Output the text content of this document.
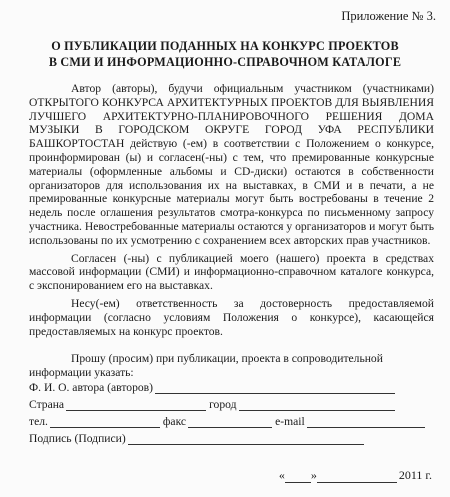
Приложение № 3.
О ПУБЛИКАЦИИ ПОДАННЫХ НА КОНКУРС ПРОЕКТОВ
В СМИ И ИНФОРМАЦИОННО-СПРАВОЧНОМ КАТАЛОГЕ

Автор (авторы), будучи официальным участником (участниками) ОТКРЫТОГО КОНКУРСА АРХИТЕКТУРНЫХ ПРОЕКТОВ ДЛЯ ВЫЯВЛЕНИЯ ЛУЧШЕГО АРХИТЕКТУРНО-ПЛАНИРОВОЧНОГО РЕШЕНИЯ ДОМА МУЗЫКИ В ГОРОДСКОМ ОКРУГЕ ГОРОД УФА РЕСПУБЛИКИ БАШКОРТОСТАН действую (-ем) в соответствии с Положением о конкурсе, проинформирован (ы) и согласен(-ны) с тем, что премированные конкурсные материалы (оформленные альбомы и CD-диски) остаются в собственности организаторов для использования их на выставках, в СМИ и в печати, а не премированные конкурсные материалы могут быть востребованы в течение 2 недель после оглашения результатов смотра-конкурса по письменному запросу участника. Невостребованные материалы остаются у организаторов и могут быть использованы по их усмотрению с сохранением всех авторских прав участников.

Согласен (-ны) с публикацией моего (нашего) проекта в средствах массовой информации (СМИ) и информационно-справочном каталоге конкурса, с экспонированием его на выставках.

Несу(-ем) ответственность за достоверность предоставляемой информации (согласно условиям Положения о конкурсе), касающейся предоставляемых на конкурс проектов.

Прошу (просим) при публикации, проекта в сопроводительной

информации указать:

Ф. И. О. автора (авторов)
Страна	город
тел.	факс	e-mail
Подпись (Подписи)
« »	2011 г.
